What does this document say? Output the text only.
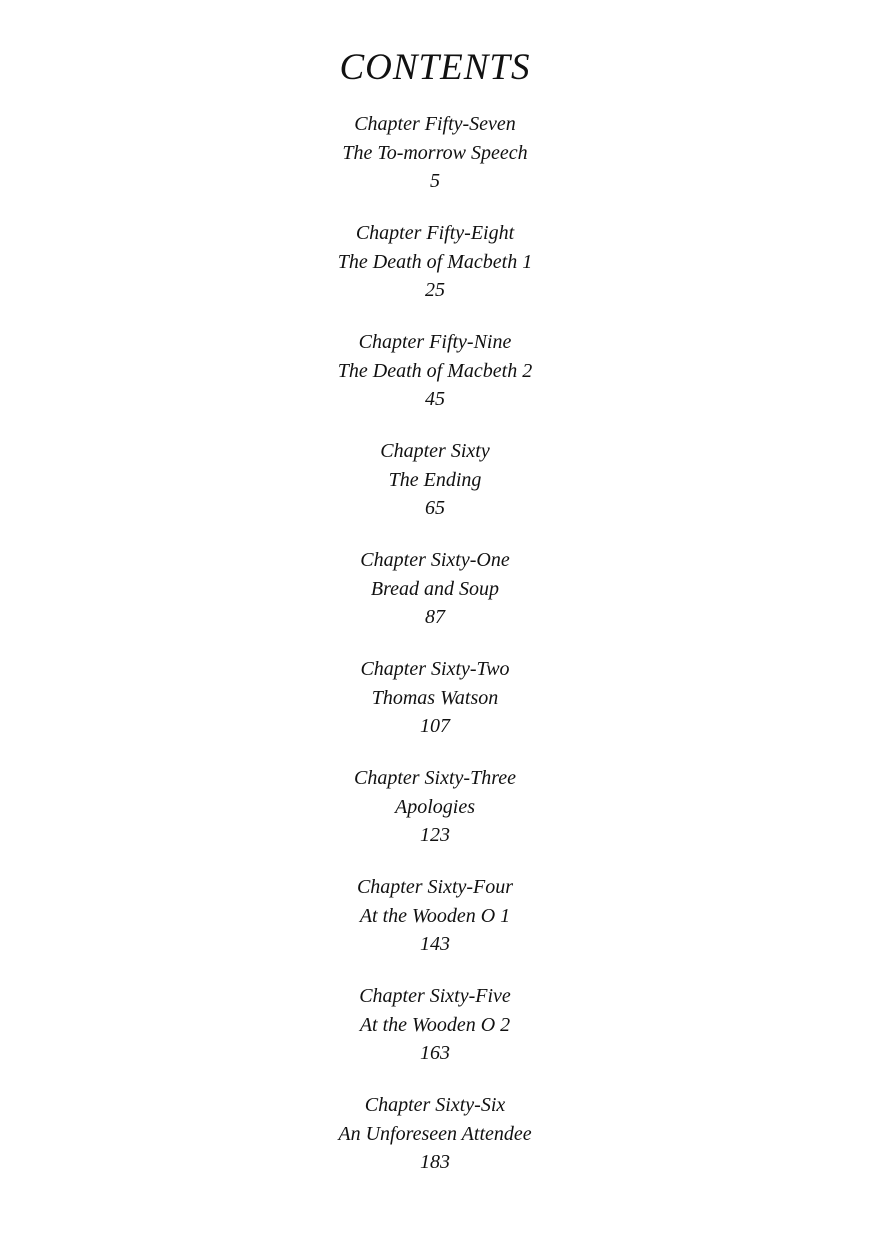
CONTENTS
Chapter Fifty-Seven
The To-morrow Speech
5
Chapter Fifty-Eight
The Death of Macbeth 1
25
Chapter Fifty-Nine
The Death of Macbeth 2
45
Chapter Sixty
The Ending
65
Chapter Sixty-One
Bread and Soup
87
Chapter Sixty-Two
Thomas Watson
107
Chapter Sixty-Three
Apologies
123
Chapter Sixty-Four
At the Wooden O 1
143
Chapter Sixty-Five
At the Wooden O 2
163
Chapter Sixty-Six
An Unforeseen Attendee
183
